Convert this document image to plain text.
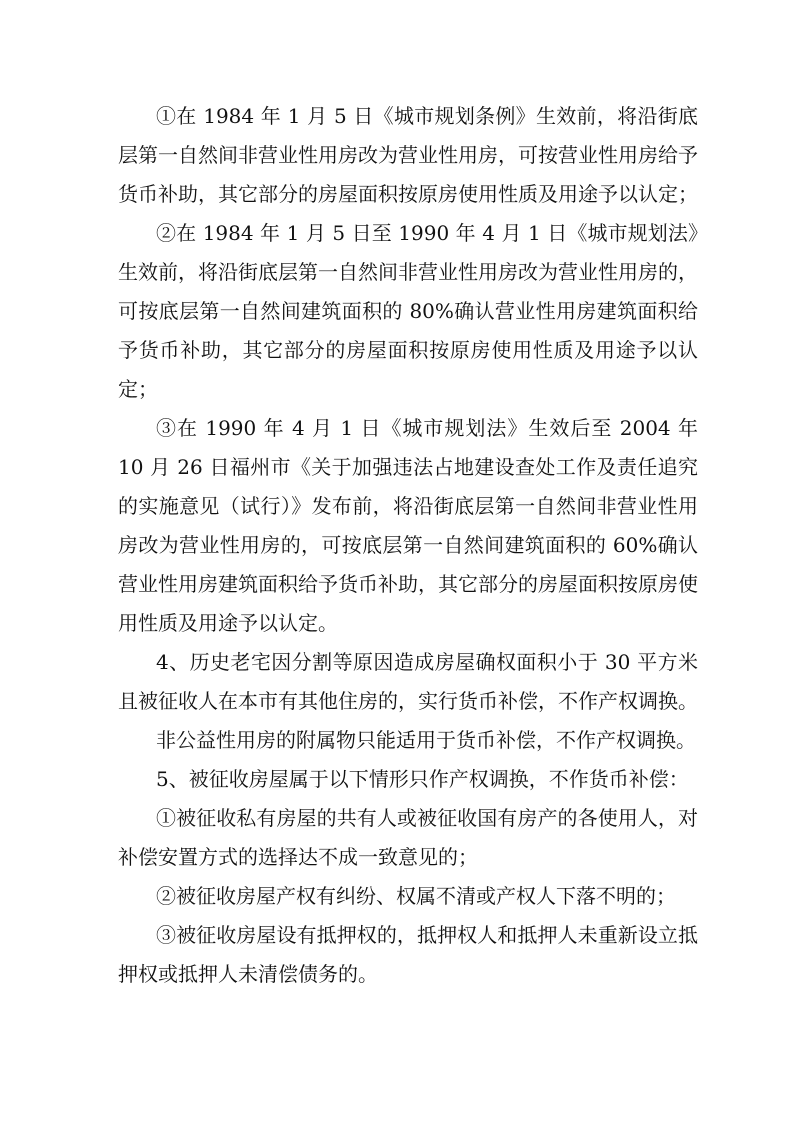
①在 1984 年 1 月 5 日《城市规划条例》生效前，将沿街底层第一自然间非营业性用房改为营业性用房，可按营业性用房给予货币补助，其它部分的房屋面积按原房使用性质及用途予以认定；

②在 1984 年 1 月 5 日至 1990 年 4 月 1 日《城市规划法》生效前，将沿街底层第一自然间非营业性用房改为营业性用房的，可按底层第一自然间建筑面积的 80%确认营业性用房建筑面积给予货币补助，其它部分的房屋面积按原房使用性质及用途予以认定；

③在 1990 年 4 月 1 日《城市规划法》生效后至 2004 年 10 月 26 日福州市《关于加强违法占地建设查处工作及责任追究的实施意见（试行）》发布前，将沿街底层第一自然间非营业性用房改为营业性用房的，可按底层第一自然间建筑面积的 60%确认营业性用房建筑面积给予货币补助，其它部分的房屋面积按原房使用性质及用途予以认定。

4、历史老宅因分割等原因造成房屋确权面积小于 30 平方米且被征收人在本市有其他住房的，实行货币补偿，不作产权调换。

非公益性用房的附属物只能适用于货币补偿，不作产权调换。

5、被征收房屋属于以下情形只作产权调换，不作货币补偿：

①被征收私有房屋的共有人或被征收国有房产的各使用人，对补偿安置方式的选择达不成一致意见的；

②被征收房屋产权有纠纷、权属不清或产权人下落不明的；

③被征收房屋设有抵押权的，抵押权人和抵押人未重新设立抵押权或抵押人未清偿债务的。
